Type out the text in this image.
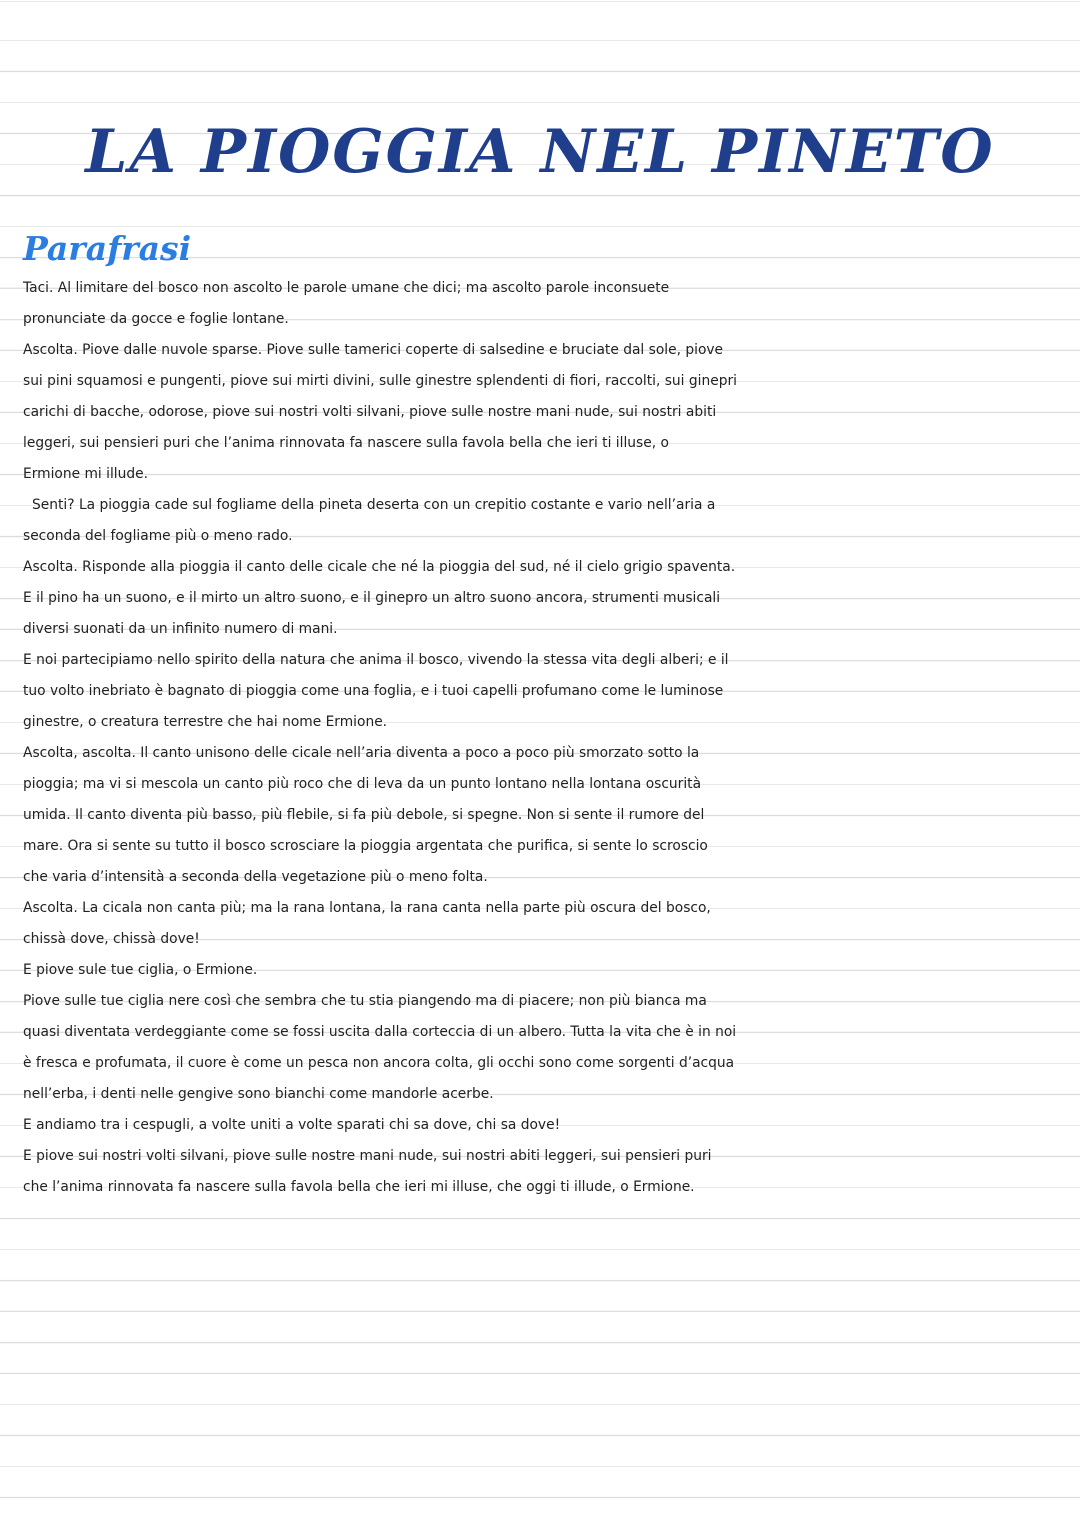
LA PIOGGIA NEL PINETO
Parafrasi
Taci. Al limitare del bosco non ascolto le parole umane che dici; ma ascolto parole inconsuete
pronunciate da gocce e foglie lontane.
Ascolta. Piove dalle nuvole sparse. Piove sulle tamerici coperte di salsedine e bruciate dal sole, piove
sui pini squamosi e pungenti, piove sui mirti divini, sulle ginestre splendenti di fiori, raccolti, sui ginepri
carichi di bacche, odorose, piove sui nostri volti silvani, piove sulle nostre mani nude, sui nostri abiti
leggeri, sui pensieri puri che l’anima rinnovata fa nascere sulla favola bella che ieri ti illuse, o
Ermione mi illude.
Senti? La pioggia cade sul fogliame della pineta deserta con un crepitio costante e vario nell’aria a
seconda del fogliame più o meno rado.
Ascolta. Risponde alla pioggia il canto delle cicale che né la pioggia del sud, né il cielo grigio spaventa.
E il pino ha un suono, e il mirto un altro suono, e il ginepro un altro suono ancora, strumenti musicali
diversi suonati da un infinito numero di mani.
E noi partecipiamo nello spirito della natura che anima il bosco, vivendo la stessa vita degli alberi; e il
tuo volto inebriato è bagnato di pioggia come una foglia, e i tuoi capelli profumano come le luminose
ginestre, o creatura terrestre che hai nome Ermione.
Ascolta, ascolta. Il canto unisono delle cicale nell’aria diventa a poco a poco più smorzato sotto la
pioggia; ma vi si mescola un canto più roco che di leva da un punto lontano nella lontana oscurità
umida. Il canto diventa più basso, più flebile, si fa più debole, si spegne. Non si sente il rumore del
mare. Ora si sente su tutto il bosco scrosciare la pioggia argentata che purifica, si sente lo scroscio
che varia d’intensità a seconda della vegetazione più o meno folta.
Ascolta. La cicala non canta più; ma la rana lontana, la rana canta nella parte più oscura del bosco,
chissà dove, chissà dove!
E piove sule tue ciglia, o Ermione.
Piove sulle tue ciglia nere così che sembra che tu stia piangendo ma di piacere; non più bianca ma
quasi diventata verdeggiante come se fossi uscita dalla corteccia di un albero. Tutta la vita che è in noi
è fresca e profumata, il cuore è come un pesca non ancora colta, gli occhi sono come sorgenti d’acqua
nell’erba, i denti nelle gengive sono bianchi come mandorle acerbe.
E andiamo tra i cespugli, a volte uniti a volte sparati chi sa dove, chi sa dove!
E piove sui nostri volti silvani, piove sulle nostre mani nude, sui nostri abiti leggeri, sui pensieri puri
che l’anima rinnovata fa nascere sulla favola bella che ieri mi illuse, che oggi ti illude, o Ermione.
